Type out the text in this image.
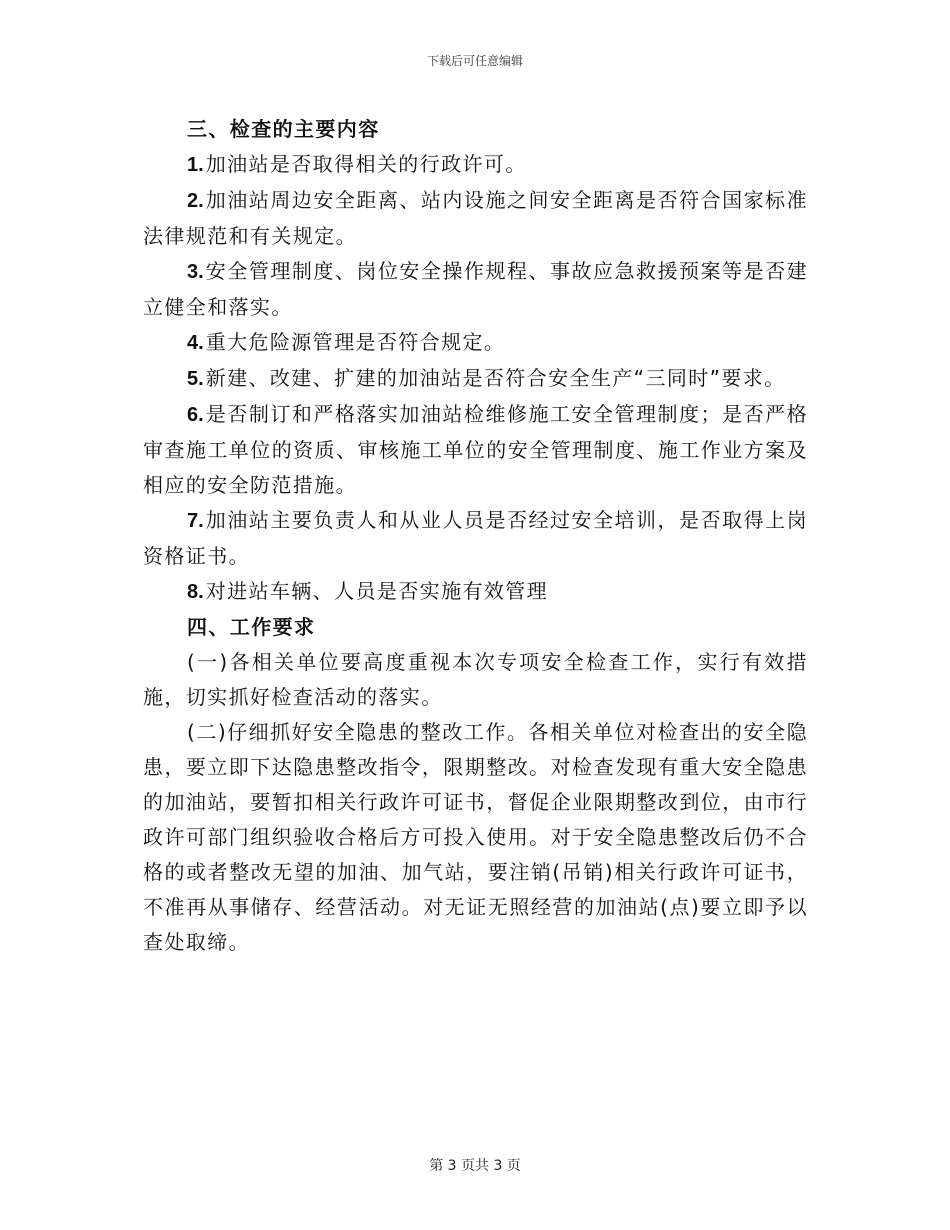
下载后可任意编辑

三、检查的主要内容

1. 加油站是否取得相关的行政许可。

2. 加油站周边安全距离、站内设施之间安全距离是否符合国家标准法律规范和有关规定。

3. 安全管理制度、岗位安全操作规程、事故应急救援预案等是否建立健全和落实。

4. 重大危险源管理是否符合规定。

5. 新建、改建、扩建的加油站是否符合安全生产“三同时”要求。

6. 是否制订和严格落实加油站检维修施工安全管理制度；是否严格审查施工单位的资质、审核施工单位的安全管理制度、施工作业方案及相应的安全防范措施。

7. 加油站主要负责人和从业人员是否经过安全培训，是否取得上岗资格证书。

8. 对进站车辆、人员是否实施有效管理

四、工作要求

(一)各相关单位要高度重视本次专项安全检查工作，实行有效措施，切实抓好检查活动的落实。

(二)仔细抓好安全隐患的整改工作。各相关单位对检查出的安全隐患，要立即下达隐患整改指令，限期整改。对检查发现有重大安全隐患的加油站，要暂扣相关行政许可证书，督促企业限期整改到位，由市行政许可部门组织验收合格后方可投入使用。对于安全隐患整改后仍不合格的或者整改无望的加油、加气站，要注销(吊销)相关行政许可证书，不准再从事储存、经营活动。对无证无照经营的加油站(点)要立即予以查处取缔。

第 3 页共 3 页
